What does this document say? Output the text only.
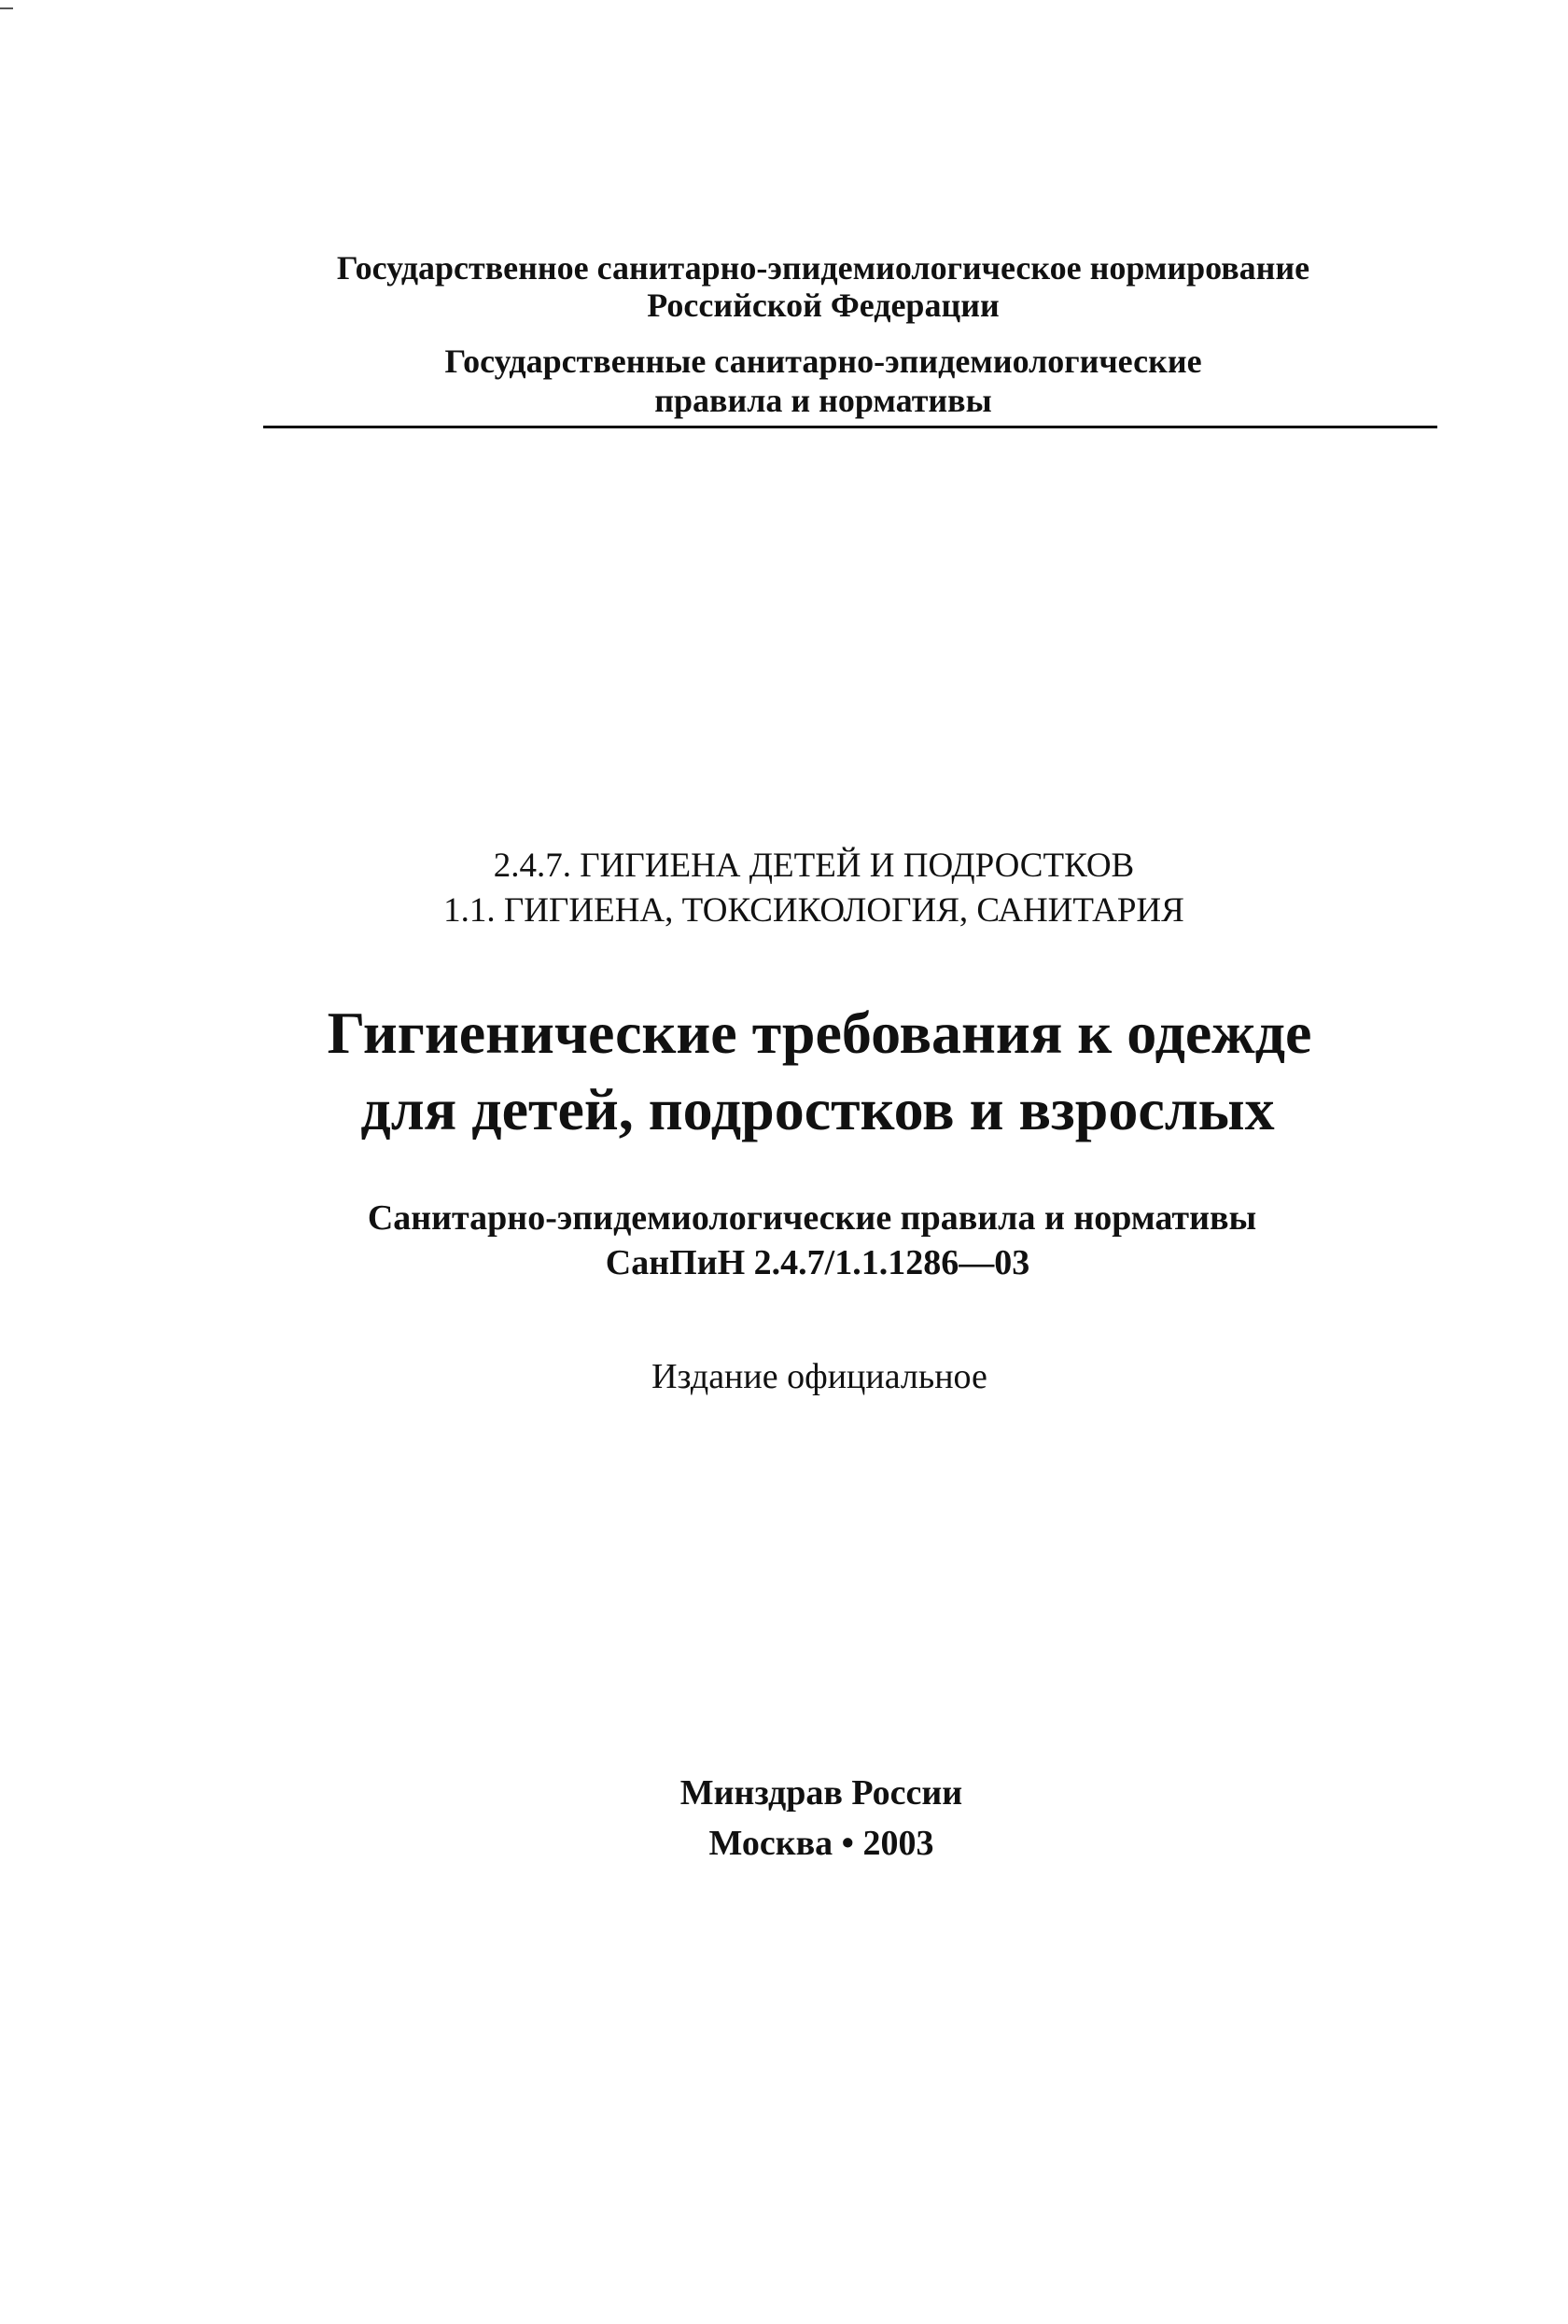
Государственное санитарно-эпидемиологическое нормирование
Российской Федерации
Государственные санитарно-эпидемиологические
правила и нормативы
2.4.7. ГИГИЕНА ДЕТЕЙ И ПОДРОСТКОВ
1.1. ГИГИЕНА, ТОКСИКОЛОГИЯ, САНИТАРИЯ
Гигиенические требования к одежде
для детей, подростков и взрослых
Санитарно-эпидемиологические правила и нормативы
СанПиН 2.4.7/1.1.1286—03
Издание официальное
Минздрав России
Москва • 2003
